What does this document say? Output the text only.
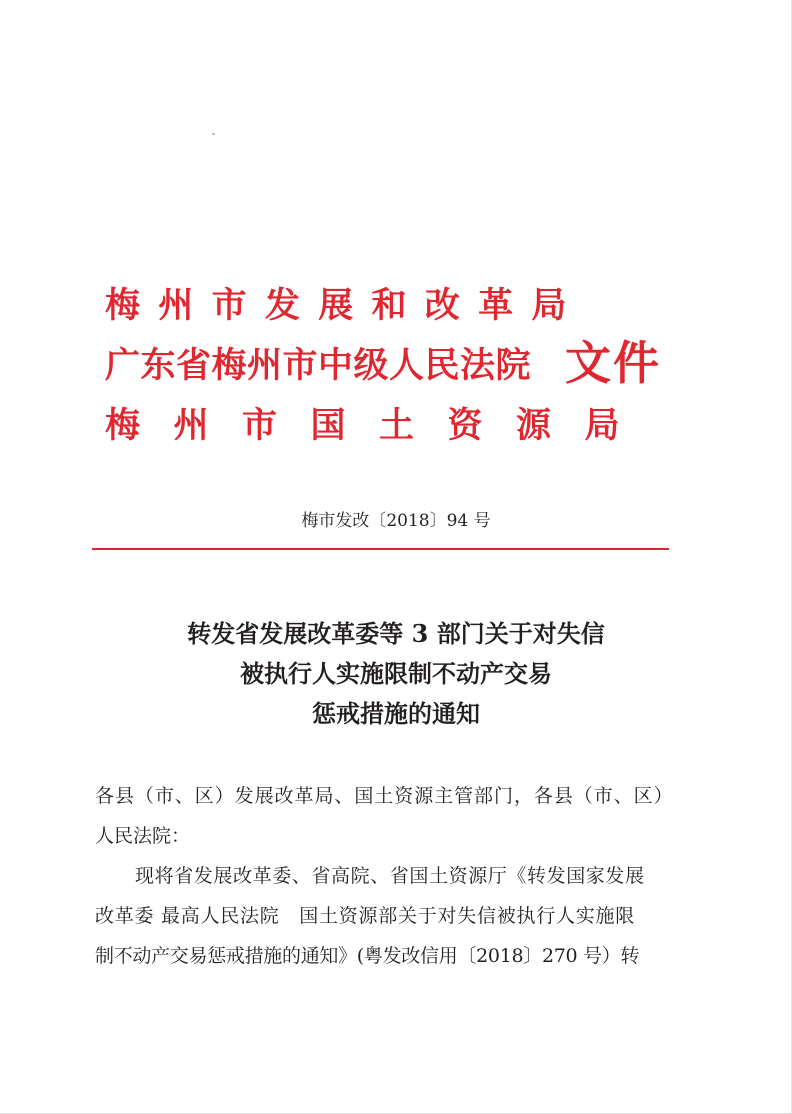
梅州市发展和改革局
广东省梅州市中级人民法院
梅州市国土资源局
文件
梅市发改〔2018〕94 号
转发省发展改革委等 3 部门关于对失信
被执行人实施限制不动产交易
惩戒措施的通知
各县（市、区）发展改革局、国土资源主管部门，各县（市、区）
人民法院：
现将省发展改革委、省高院、省国土资源厅《转发国家发展
改革委 最高人民法院　国土资源部关于对失信被执行人实施限
制不动产交易惩戒措施的通知》(粤发改信用〔2018〕270 号）转
